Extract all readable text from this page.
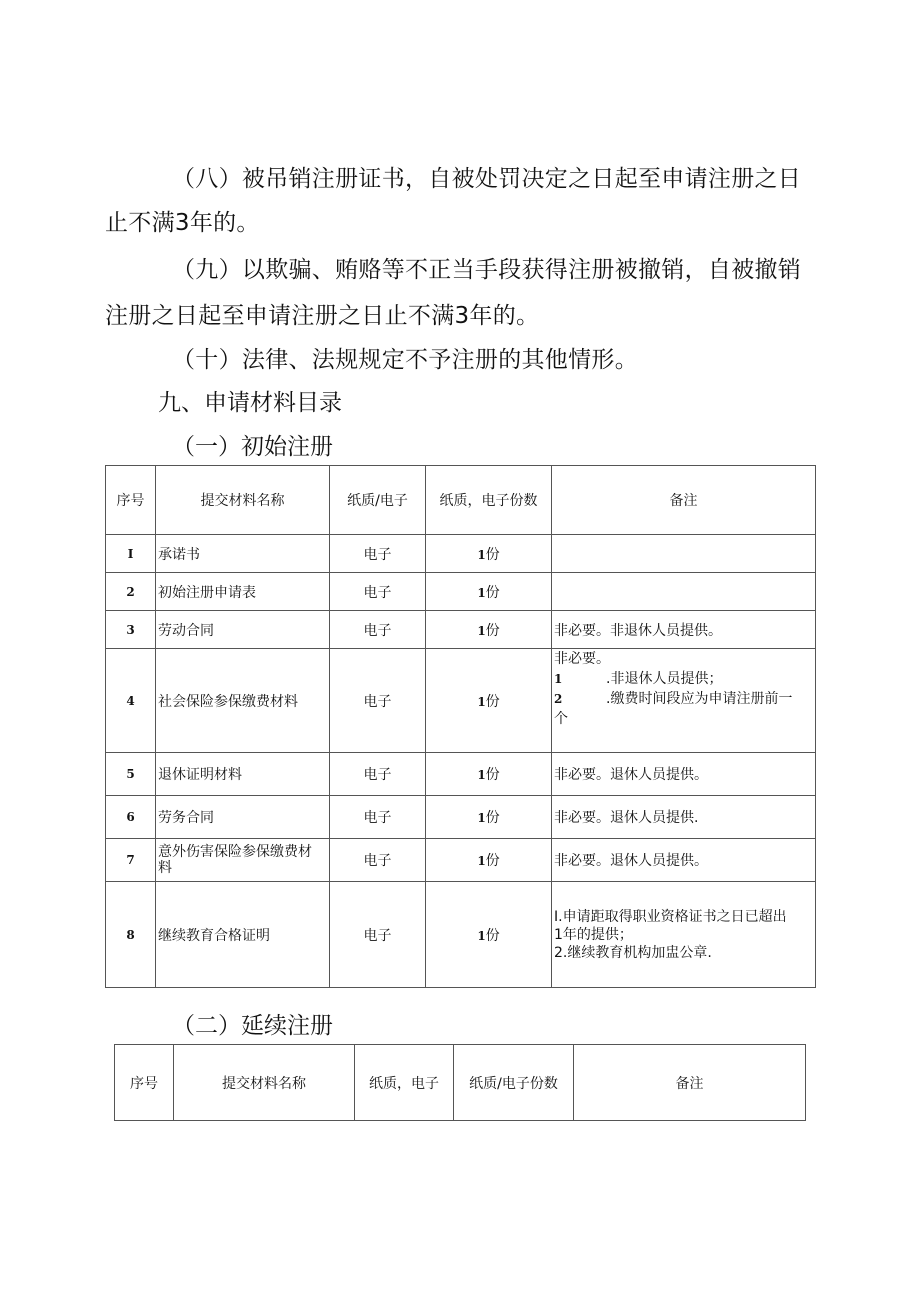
（八）被吊销注册证书，自被处罚决定之日起至申请注册之日
止不满3年的。
（九）以欺骗、贿赂等不正当手段获得注册被撤销，自被撤销
注册之日起至申请注册之日止不满3年的。
（十）法律、法规规定不予注册的其他情形。
九、申请材料目录
（一）初始注册
序号	提交材料名称	纸质/电子	纸质，电子份数	备注
I	承诺书	电子	1份	
2	初始注册申请表	电子	1份	
3	劳动合同	电子	1份	非必要。非退休人员提供。
4	社会保险参保缴费材料	电子	1份	非必要。
1 .非退休人员提供；
2 .缴费时间段应为申请注册前一
个

5	退休证明材料	电子	1份	非必要。退休人员提供。
6	劳务合同	电子	1份	非必要。退休人员提供.
7	意外伤害保险参保缴费材
料	电子	1份	非必要。退休人员提供。
8	继续教育合格证明	电子	1份	I.申请距取得职业资格证书之日已超出
1年的提供；
2.继续教育机构加盅公章.
（二）延续注册
序号	提交材料名称	纸质，电子	纸质/电子份数	备注
